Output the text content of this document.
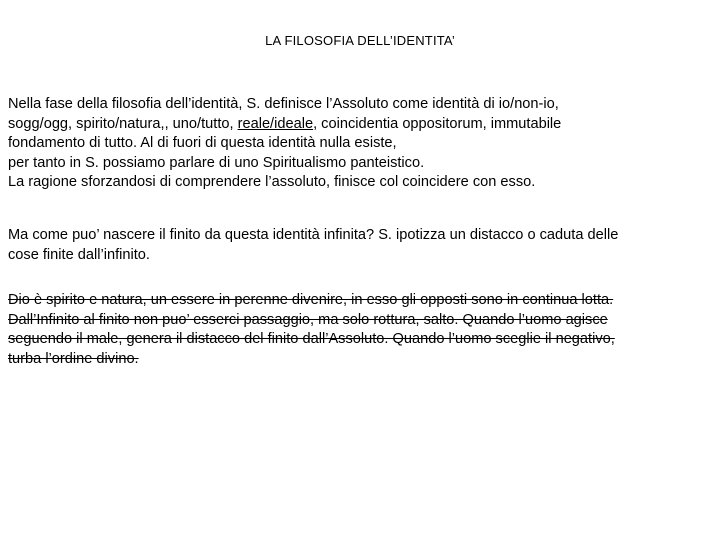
LA FILOSOFIA DELL’IDENTITA’

Nella fase della filosofia dell’identità, S. definisce l’Assoluto come identità di io/non-io,

sogg/ogg, spirito/natura,, uno/tutto, reale/ideale, coincidentia oppositorum, immutabile

fondamento di tutto. Al di fuori di questa identità nulla esiste,

per tanto in S. possiamo parlare di uno Spiritualismo panteistico.

La ragione sforzandosi di comprendere l’assoluto, finisce col coincidere con esso.

Ma come puo’ nascere il finito da questa identità infinita? S. ipotizza un distacco o caduta delle

cose finite dall’infinito.

Dio è spirito e natura, un essere in perenne divenire, in esso gli opposti sono in continua lotta.

Dall’Infinito al finito non puo’ esserci passaggio, ma solo rottura, salto. Quando l’uomo agisce

seguendo il male, genera il distacco del finito dall’Assoluto. Quando l’uomo sceglie il negativo,

turba l’ordine divino.
